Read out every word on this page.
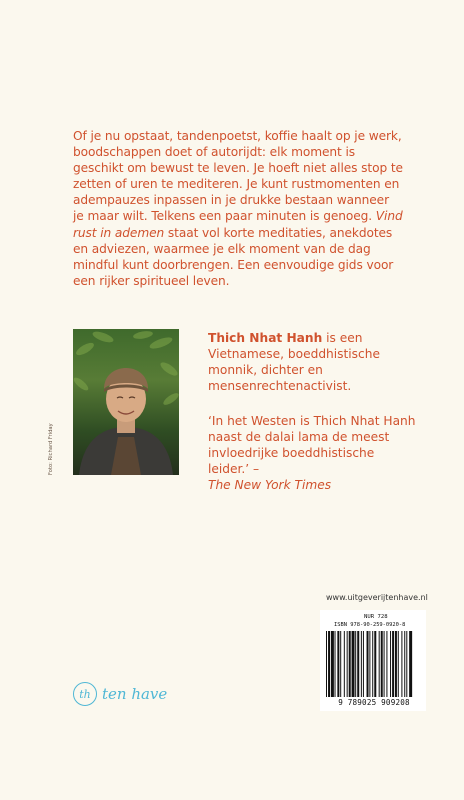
Of je nu opstaat, tandenpoetst, koffie haalt op je werk, boodschappen doet of autorijdt: elk moment is geschikt om bewust te leven. Je hoeft niet alles stop te zetten of uren te mediteren. Je kunt rustmomenten en adempauzes inpassen in je drukke bestaan wanneer je maar wilt. Telkens een paar minuten is genoeg. Vind rust in ademen staat vol korte meditaties, anekdotes en adviezen, waarmee je elk moment van de dag mindful kunt doorbrengen. Een eenvoudige gids voor een rijker spiritueel leven.

Foto: Richard Friday

Thich Nhat Hanh is een Vietnamese, boeddhistische monnik, dichter en mensenrechtenactivist.

‘In het Westen is Thich Nhat Hanh naast de dalai lama de meest invloedrijke boeddhistische leider.’ –
The New York Times

www.uitgeverijtenhave.nl
NUR 728
ISBN 978-90-259-0920-8
9 789025 909208
th ten have
